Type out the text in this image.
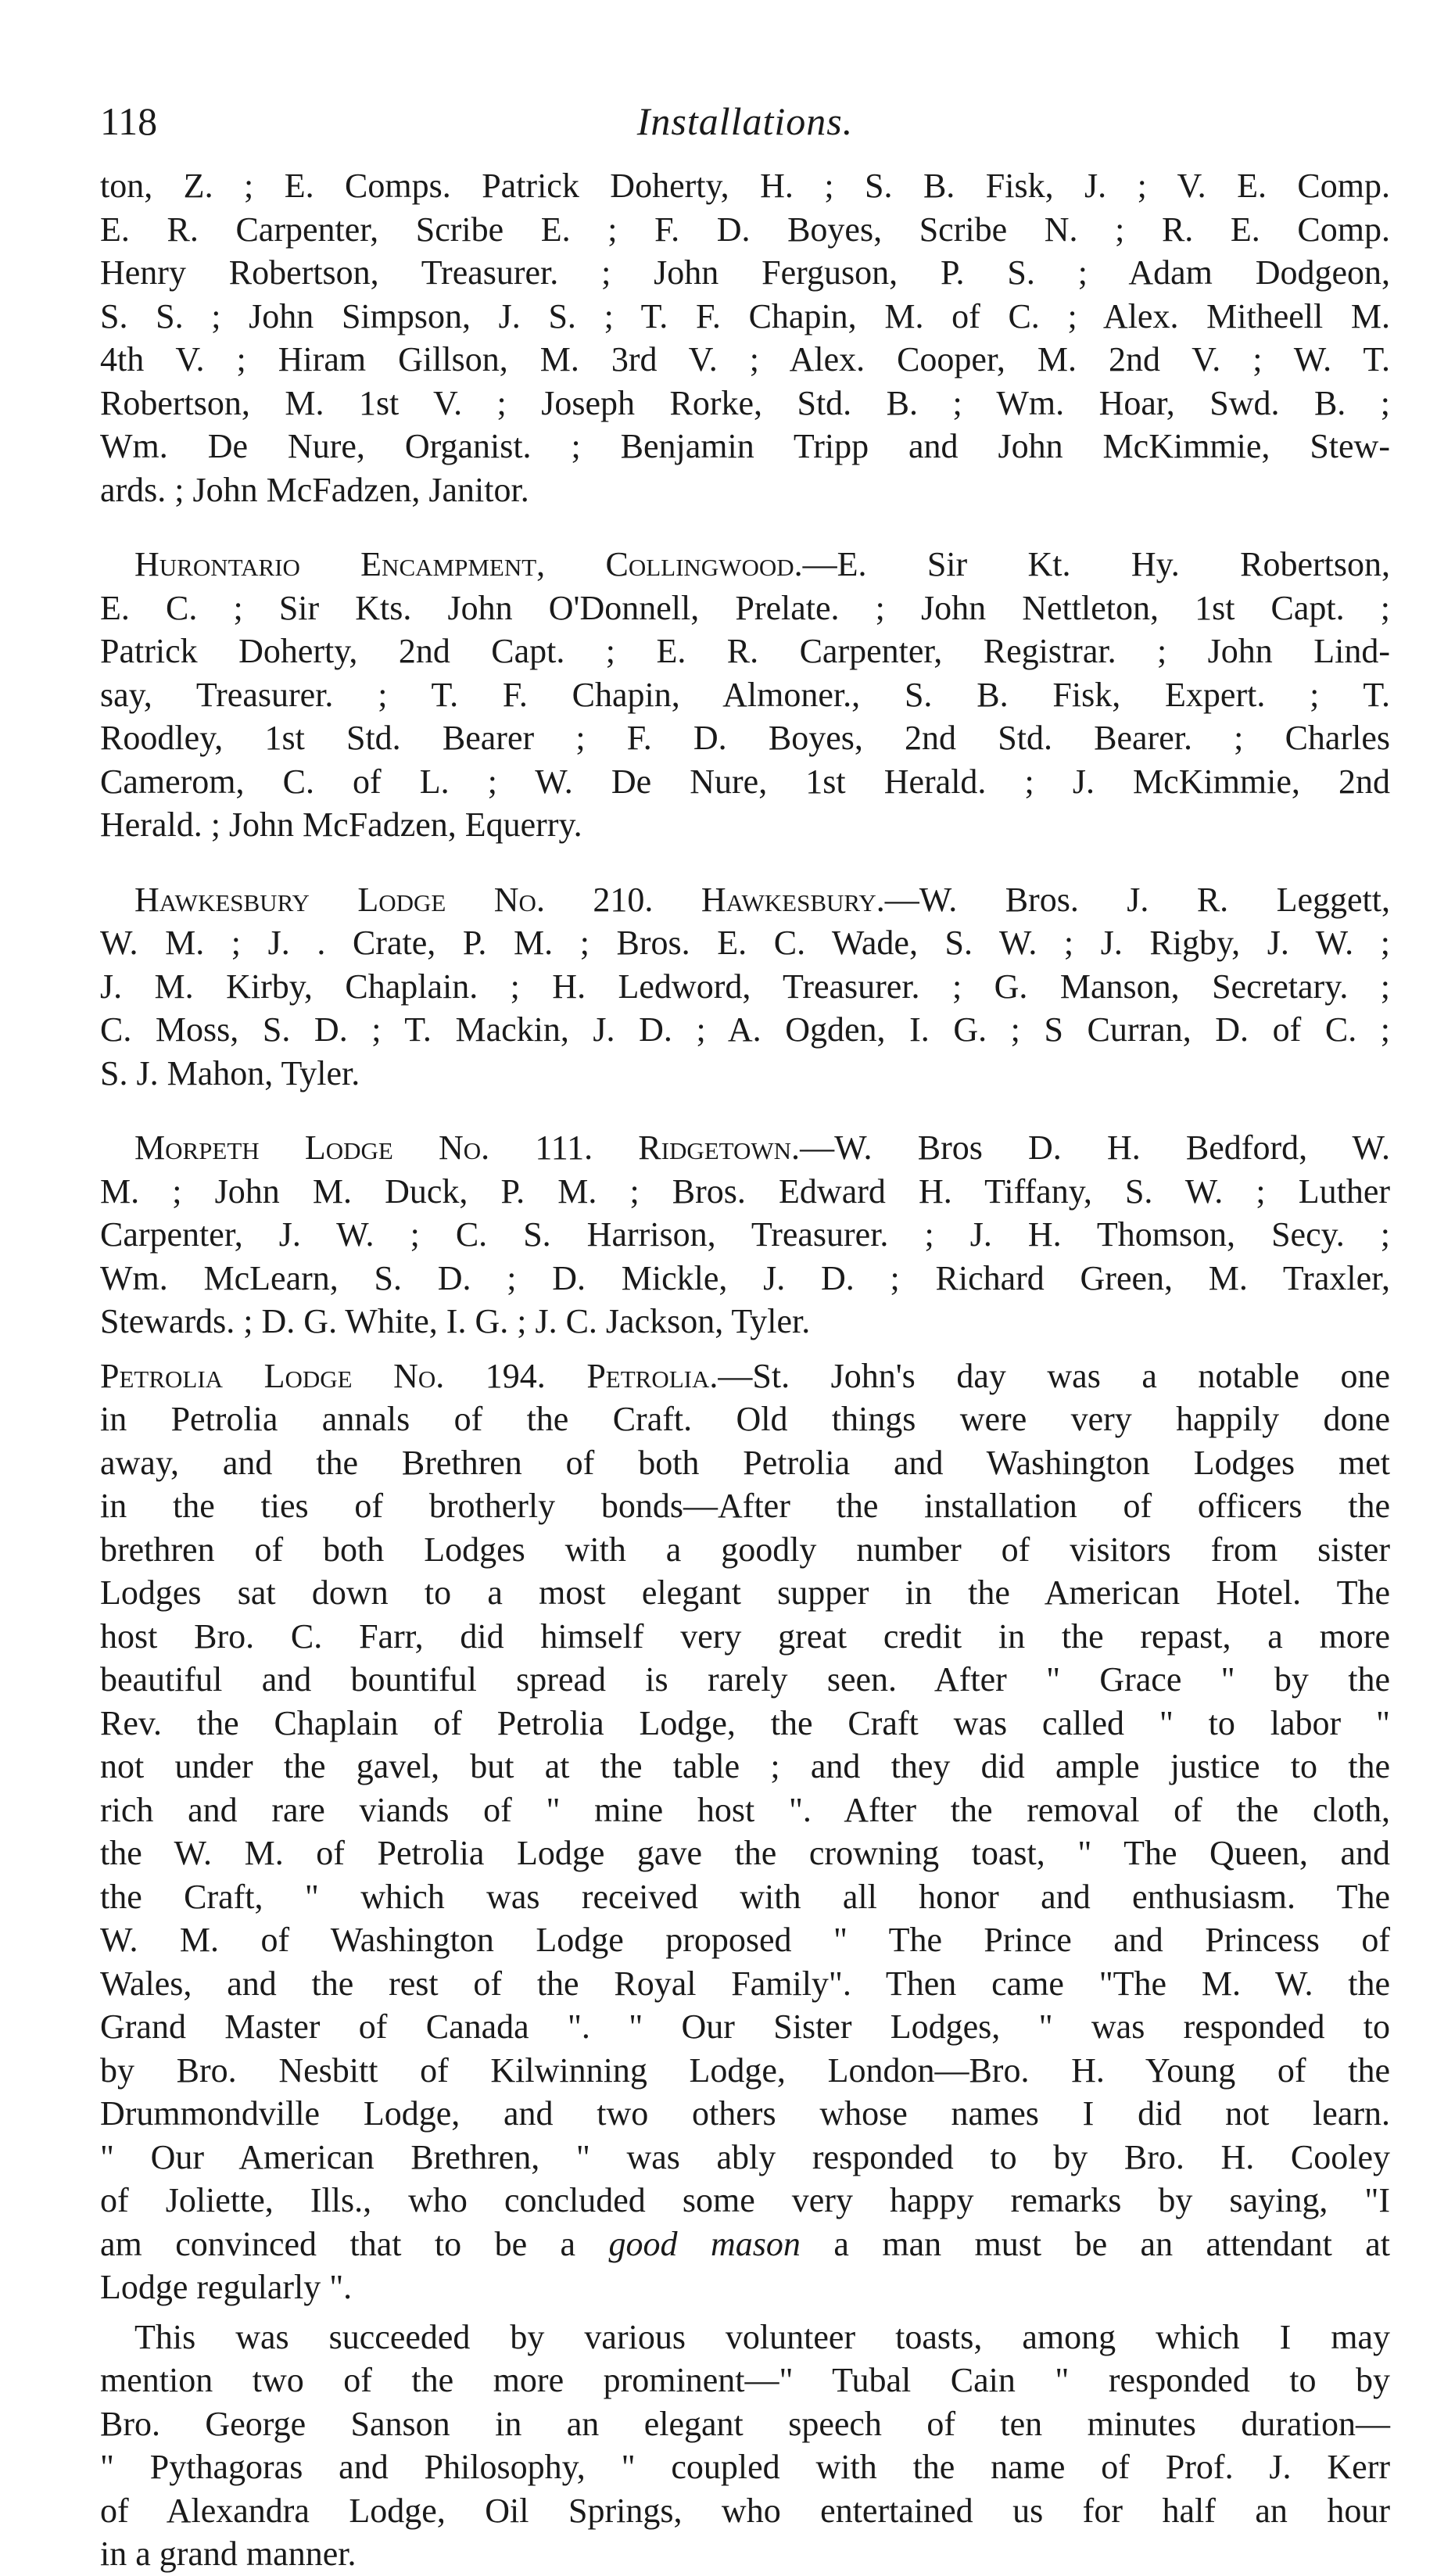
118	Installations.
ton, Z. ; E. Comps. Patrick Doherty, H. ; S. B. Fisk, J. ; V. E. Comp.
E. R. Carpenter, Scribe E. ; F. D. Boyes, Scribe N. ; R. E. Comp.
Henry Robertson, Treasurer. ; John Ferguson, P. S. ; Adam Dodgeon,
S. S. ; John Simpson, J. S. ; T. F. Chapin, M. of C. ; Alex. Mitheell M.
4th V. ; Hiram Gillson, M. 3rd V. ; Alex. Cooper, M. 2nd V. ; W. T.
Robertson, M. 1st V. ; Joseph Rorke, Std. B. ; Wm. Hoar, Swd. B. ;
Wm. De Nure, Organist. ; Benjamin Tripp and John McKimmie, Stew-
ards. ; John McFadzen, Janitor.
 Hurontario Encampment, Collingwood.—E. Sir Kt. Hy. Robertson,
E. C. ; Sir Kts. John O'Donnell, Prelate. ; John Nettleton, 1st Capt. ;
Patrick Doherty, 2nd Capt. ; E. R. Carpenter, Registrar. ; John Lind-
say, Treasurer. ; T. F. Chapin, Almoner., S. B. Fisk, Expert. ; T.
Roodley, 1st Std. Bearer ; F. D. Boyes, 2nd Std. Bearer. ; Charles
Camerom, C. of L. ; W. De Nure, 1st Herald. ; J. McKimmie, 2nd
Herald. ; John McFadzen, Equerry.
 Hawkesbury Lodge No. 210. Hawkesbury.—W. Bros. J. R. Leggett,
W. M. ; J. . Crate, P. M. ; Bros. E. C. Wade, S. W. ; J. Rigby, J. W. ;
J. M. Kirby, Chaplain. ; H. Ledword, Treasurer. ; G. Manson, Secretary. ;
C. Moss, S. D. ; T. Mackin, J. D. ; A. Ogden, I. G. ; S Curran, D. of C. ;
S. J. Mahon, Tyler.
 Morpeth Lodge No. 111. Ridgetown.—W. Bros D. H. Bedford, W.
M. ; John M. Duck, P. M. ; Bros. Edward H. Tiffany, S. W. ; Luther
Carpenter, J. W. ; C. S. Harrison, Treasurer. ; J. H. Thomson, Secy. ;
Wm. McLearn, S. D. ; D. Mickle, J. D. ; Richard Green, M. Traxler,
Stewards. ; D. G. White, I. G. ; J. C. Jackson, Tyler.
Petrolia Lodge No. 194. Petrolia.—St. John's day was a notable one
in Petrolia annals of the Craft. Old things were very happily done
away, and the Brethren of both Petrolia and Washington Lodges met
in the ties of brotherly bonds—After the installation of officers the
brethren of both Lodges with a goodly number of visitors from sister
Lodges sat down to a most elegant supper in the American Hotel. The
host Bro. C. Farr, did himself very great credit in the repast, a more
beautiful and bountiful spread is rarely seen. After " Grace " by the
Rev. the Chaplain of Petrolia Lodge, the Craft was called " to labor "
not under the gavel, but at the table ; and they did ample justice to the
rich and rare viands of " mine host ". After the removal of the cloth,
the W. M. of Petrolia Lodge gave the crowning toast, " The Queen, and
the Craft, " which was received with all honor and enthusiasm. The
W. M. of Washington Lodge proposed " The Prince and Princess of
Wales, and the rest of the Royal Family". Then came "The M. W. the
Grand Master of Canada ". " Our Sister Lodges, " was responded to
by Bro. Nesbitt of Kilwinning Lodge, London—Bro. H. Young of the
Drummondville Lodge, and two others whose names I did not learn.
" Our American Brethren, " was ably responded to by Bro. H. Cooley
of Joliette, Ills., who concluded some very happy remarks by saying, "I
am convinced that to be a good mason a man must be an attendant at
Lodge regularly ".
 This was succeeded by various volunteer toasts, among which I may
mention two of the more prominent—" Tubal Cain " responded to by
Bro. George Sanson in an elegant speech of ten minutes duration—
" Pythagoras and Philosophy, " coupled with the name of Prof. J. Kerr
of Alexandra Lodge, Oil Springs, who entertained us for half an hour
in a grand manner.
